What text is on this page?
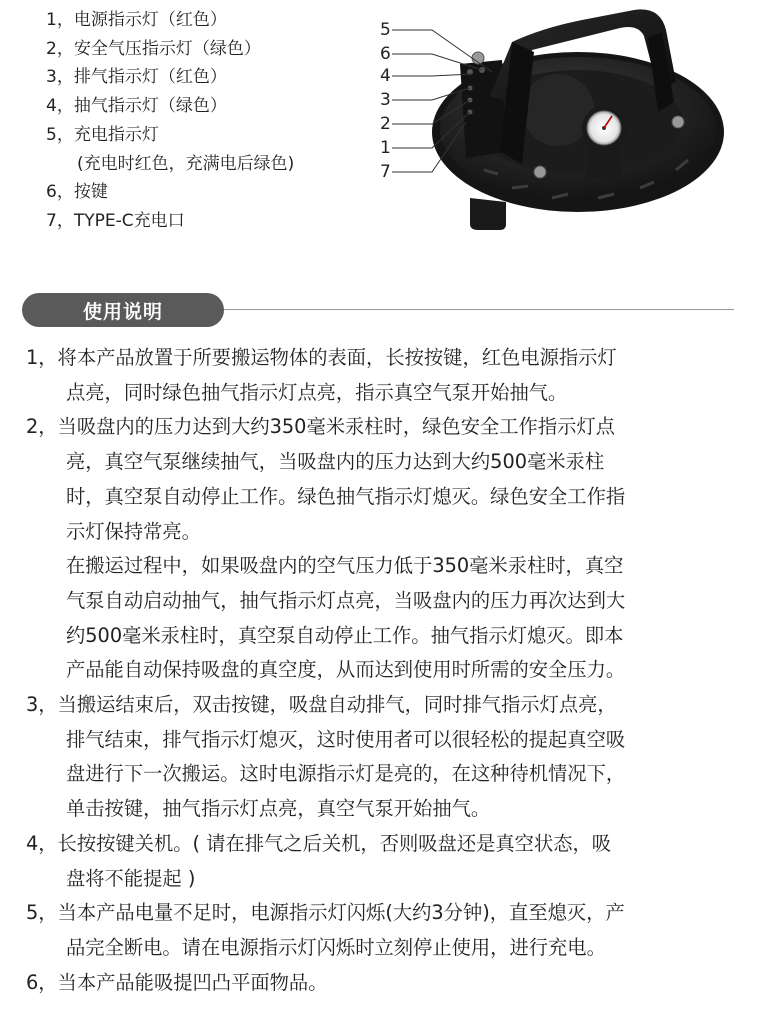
1，电源指示灯（红色）
2，安全气压指示灯（绿色）
3，排气指示灯（红色）
4，抽气指示灯（绿色）
5，充电指示灯
(充电时红色，充满电后绿色)
6，按键
7，TYPE-C充电口
5
6
4
3
2
1
7
使用说明
1，将本产品放置于所要搬运物体的表面，长按按键，红色电源指示灯
点亮，同时绿色抽气指示灯点亮，指示真空气泵开始抽气。
2，当吸盘内的压力达到大约350毫米汞柱时，绿色安全工作指示灯点
亮，真空气泵继续抽气，当吸盘内的压力达到大约500毫米汞柱
时，真空泵自动停止工作。绿色抽气指示灯熄灭。绿色安全工作指
示灯保持常亮。
在搬运过程中，如果吸盘内的空气压力低于350毫米汞柱时，真空
气泵自动启动抽气，抽气指示灯点亮，当吸盘内的压力再次达到大
约500毫米汞柱时，真空泵自动停止工作。抽气指示灯熄灭。即本
产品能自动保持吸盘的真空度，从而达到使用时所需的安全压力。
3，当搬运结束后，双击按键，吸盘自动排气，同时排气指示灯点亮，
排气结束，排气指示灯熄灭，这时使用者可以很轻松的提起真空吸
盘进行下一次搬运。这时电源指示灯是亮的，在这种待机情况下，
单击按键，抽气指示灯点亮，真空气泵开始抽气。
4，长按按键关机。( 请在排气之后关机，否则吸盘还是真空状态，吸
盘将不能提起 )
5，当本产品电量不足时，电源指示灯闪烁(大约3分钟)，直至熄灭，产
品完全断电。请在电源指示灯闪烁时立刻停止使用，进行充电。
6，当本产品能吸提凹凸平面物品。
